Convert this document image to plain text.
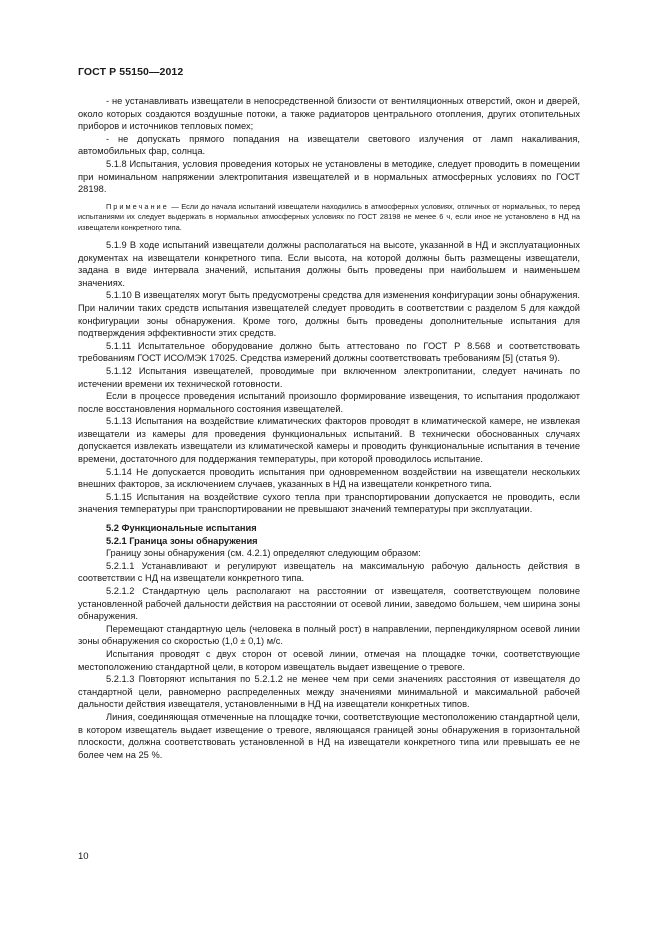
ГОСТ Р 55150—2012

- не устанавливать извещатели в непосредственной близости от вентиляционных отверстий, окон и дверей, около которых создаются воздушные потоки, а также радиаторов центрального отопления, других отопительных приборов и источников тепловых помех;

- не допускать прямого попадания на извещатели светового излучения от ламп накаливания, автомобильных фар, солнца.

5.1.8 Испытания, условия проведения которых не установлены в методике, следует проводить в помещении при номинальном напряжении электропитания извещателей и в нормальных атмосферных условиях по ГОСТ 28198.

Примечание — Если до начала испытаний извещатели находились в атмосферных условиях, отличных от нормальных, то перед испытаниями их следует выдержать в нормальных атмосферных условиях по ГОСТ 28198 не менее 6 ч, если иное не установлено в НД на извещатели конкретного типа.

5.1.9 В ходе испытаний извещатели должны располагаться на высоте, указанной в НД и эксплуатационных документах на извещатели конкретного типа. Если высота, на которой должны быть размещены извещатели, задана в виде интервала значений, испытания должны быть проведены при наибольшем и наименьшем значениях.

5.1.10 В извещателях могут быть предусмотрены средства для изменения конфигурации зоны обнаружения. При наличии таких средств испытания извещателей следует проводить в соответствии с разделом 5 для каждой конфигурации зоны обнаружения. Кроме того, должны быть проведены дополнительные испытания для подтверждения эффективности этих средств.

5.1.11 Испытательное оборудование должно быть аттестовано по ГОСТ Р 8.568 и соответствовать требованиям ГОСТ ИСО/МЭК 17025. Средства измерений должны соответствовать требованиям [5] (статья 9).

5.1.12 Испытания извещателей, проводимые при включенном электропитании, следует начинать по истечении времени их технической готовности.

Если в процессе проведения испытаний произошло формирование извещения, то испытания продолжают после восстановления нормального состояния извещателей.

5.1.13 Испытания на воздействие климатических факторов проводят в климатической камере, не извлекая извещатели из камеры для проведения функциональных испытаний. В технически обоснованных случаях допускается извлекать извещатели из климатической камеры и проводить функциональные испытания в течение времени, достаточного для поддержания температуры, при которой проводилось испытание.

5.1.14 Не допускается проводить испытания при одновременном воздействии на извещатели нескольких внешних факторов, за исключением случаев, указанных в НД на извещатели конкретного типа.

5.1.15 Испытания на воздействие сухого тепла при транспортировании допускается не проводить, если значения температуры при транспортировании не превышают значений температуры при эксплуатации.

5.2 Функциональные испытания

5.2.1 Граница зоны обнаружения

Границу зоны обнаружения (см. 4.2.1) определяют следующим образом:

5.2.1.1 Устанавливают и регулируют извещатель на максимальную рабочую дальность действия в соответствии с НД на извещатели конкретного типа.

5.2.1.2 Стандартную цель располагают на расстоянии от извещателя, соответствующем половине установленной рабочей дальности действия на расстоянии от осевой линии, заведомо большем, чем ширина зоны обнаружения.

Перемещают стандартную цель (человека в полный рост) в направлении, перпендикулярном осевой линии зоны обнаружения со скоростью (1,0 ± 0,1) м/с.

Испытания проводят с двух сторон от осевой линии, отмечая на площадке точки, соответствующие местоположению стандартной цели, в котором извещатель выдает извещение о тревоге.

5.2.1.3 Повторяют испытания по 5.2.1.2 не менее чем при семи значениях расстояния от извещателя до стандартной цели, равномерно распределенных между значениями минимальной и максимальной рабочей дальности действия извещателя, установленными в НД на извещатели конкретных типов.

Линия, соединяющая отмеченные на площадке точки, соответствующие местоположению стандартной цели, в котором извещатель выдает извещение о тревоге, являющаяся границей зоны обнаружения в горизонтальной плоскости, должна соответствовать установленной в НД на извещатели конкретного типа или превышать ее не более чем на 25 %.

10
